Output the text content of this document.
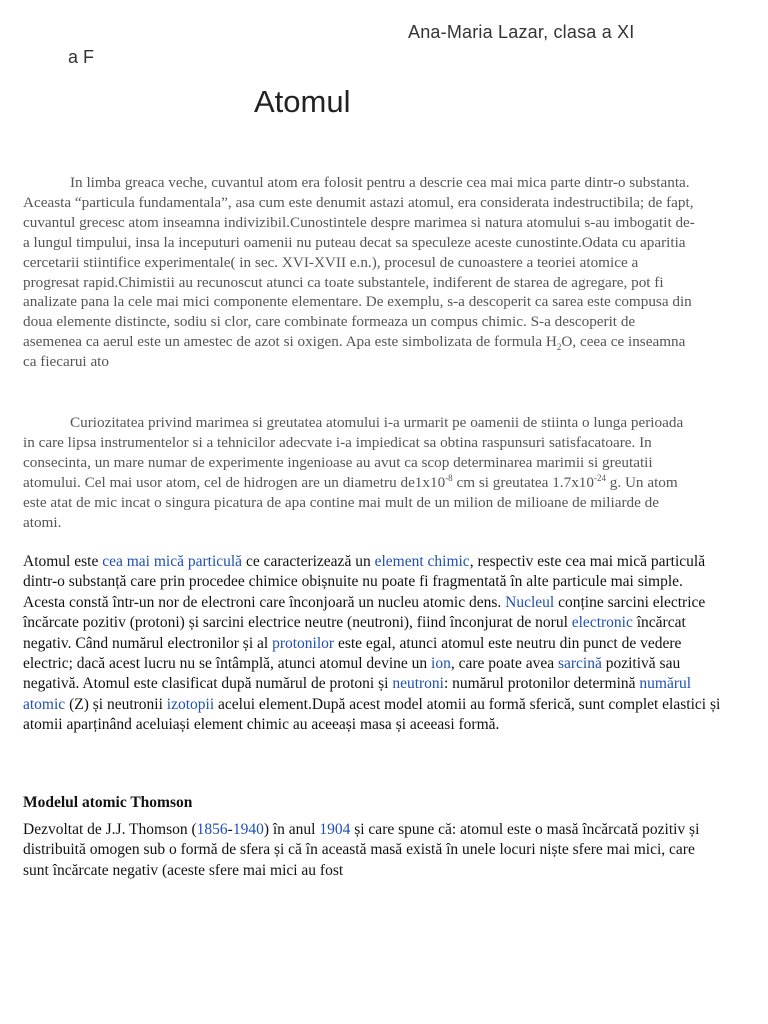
Ana-Maria Lazar, clasa a XI
a F
Atomul

In limba greaca veche, cuvantul atom era folosit pentru a descrie cea mai mica parte dintr-o substanta. Aceasta “particula fundamentala”, asa cum este denumit astazi atomul, era considerata indestructibila; de fapt, cuvantul grecesc atom inseamna indivizibil.Cunostintele despre marimea si natura atomului s-au imbogatit de-a lungul timpului, insa la inceputuri oamenii nu puteau decat sa speculeze aceste cunostinte.Odata cu aparitia cercetarii stiintifice experimentale( in sec. XVI-XVII e.n.), procesul de cunoastere a teoriei atomice a progresat rapid.Chimistii au recunoscut atunci ca toate substantele, indiferent de starea de agregare, pot fi analizate pana la cele mai mici componente elementare. De exemplu, s-a descoperit ca sarea este compusa din doua elemente distincte, sodiu si clor, care combinate formeaza un compus chimic. S-a descoperit de asemenea ca aerul este un amestec de azot si oxigen. Apa este simbolizata de formula $H_2O$, ceea ce inseamna ca fiecarui ato

Curiozitatea privind marimea si greutatea atomului i-a urmarit pe oamenii de stiinta o lunga perioada in care lipsa instrumentelor si a tehnicilor adecvate i-a impiedicat sa obtina raspunsuri satisfacatoare. In consecinta, un mare numar de experimente ingenioase au avut ca scop determinarea marimii si greutatii atomului. Cel mai usor atom, cel de hidrogen are un diametru $de1x10^{-8}$ cm si greutatea $1.7x10^{-24}$ g. Un atom este atat de mic incat o singura picatura de apa contine mai mult de un milion de milioane de miliarde de atomi.

Atomul este cea mai mică particulă ce caracterizează un element chimic, respectiv este cea mai mică particulă dintr-o substanță care prin procedee chimice obișnuite nu poate fi fragmentată în alte particule mai simple. Acesta constă într-un nor de electroni care înconjoară un nucleu atomic dens. Nucleul conține sarcini electrice încărcate pozitiv (protoni) și sarcini electrice neutre (neutroni), fiind înconjurat de norul electronic încărcat negativ. Când numărul electronilor și al protonilor este egal, atunci atomul este neutru din punct de vedere electric; dacă acest lucru nu se întâmplă, atunci atomul devine un ion, care poate avea sarcină pozitivă sau negativă. Atomul este clasificat după numărul de protoni și neutroni: numărul protonilor determină numărul atomic (Z) și neutronii izotopii acelui element.După acest model atomii au formă sferică, sunt complet elastici și atomii aparținând aceluiași element chimic au aceeași masa și aceeasi formă.

Modelul atomic Thomson

Dezvoltat de J.J. Thomson (1856-1940) în anul 1904 și care spune că: atomul este o masă încărcată pozitiv și distribuită omogen sub o formă de sfera și că în această masă există în unele locuri niște sfere mai mici, care sunt încărcate negativ (aceste sfere mai mici au fost
